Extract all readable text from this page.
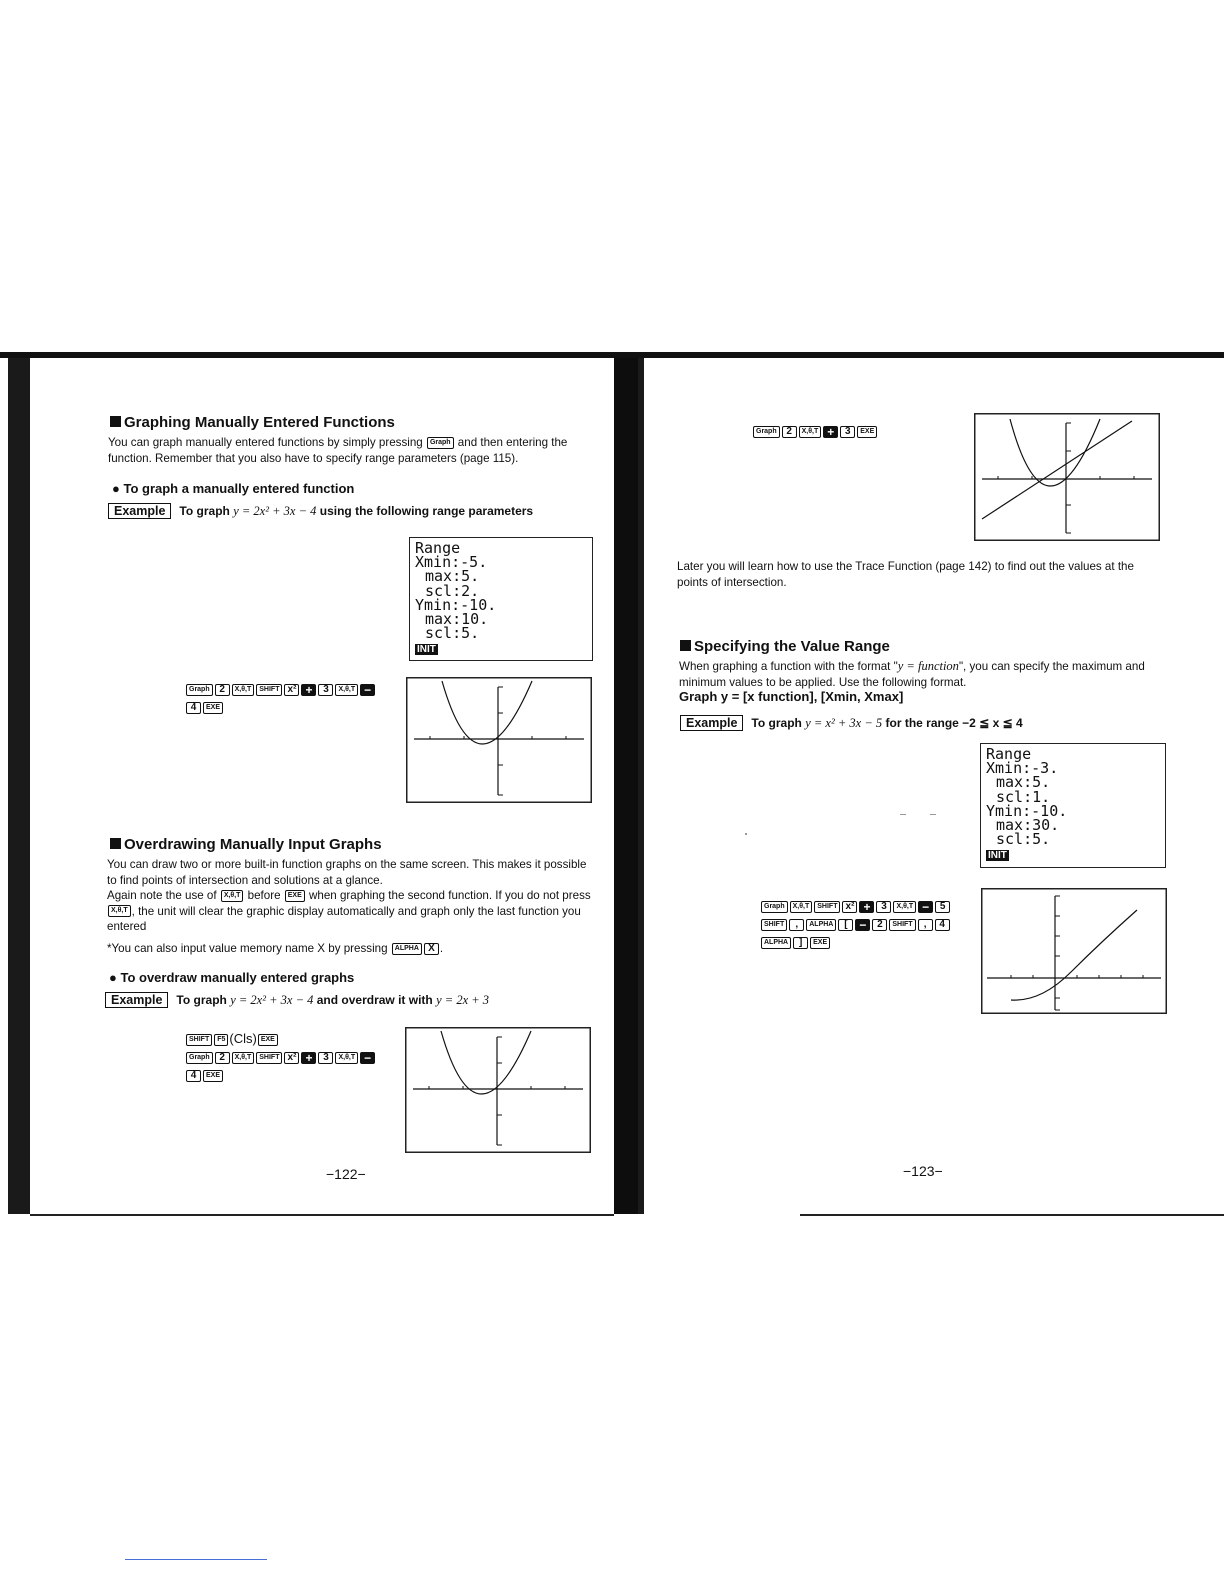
Graphing Manually Entered Functions

You can graph manually entered functions by simply pressing Graph and then entering the function. Remember that you also have to specify range parameters (page 115).

● To graph a manually entered function
Example To graph y = 2x² + 3x − 4 using the following range parameters
Range
Xmin:-5.
max:5.
scl:2.
Ymin:-10.
max:10.
scl:5.
INIT
Graph 2 X,θ,T SHIFT x² + 3 X,θ,T −
4 EXE
Overdrawing Manually Input Graphs

You can draw two or more built-in function graphs on the same screen. This makes it possible to find points of intersection and solutions at a glance.

Again note the use of X,θ,T before EXE when graphing the second function. If you do not press X,θ,T , the unit will clear the graphic display automatically and graph only the last function you entered

*You can also input value memory name X by pressing ALPHA X .

● To overdraw manually entered graphs
Example To graph y = 2x² + 3x − 4 and overdraw it with y = 2x + 3
SHIFT F5 (Cls) EXE
Graph 2 X,θ,T SHIFT x² + 3 X,θ,T −
4 EXE
−122−
Graph 2 X,θ,T + 3 EXE

Later you will learn how to use the Trace Function (page 142) to find out the values at the points of intersection.

Specifying the Value Range

When graphing a function with the format "y = function", you can specify the maximum and minimum values to be applied. Use the following format.

Graph y = [x function], [Xmin, Xmax]
Example To graph y = x² + 3x − 5 for the range −2 ≦ x ≦ 4
Range
Xmin:-3.
max:5.
scl:1.
Ymin:-10.
max:30.
scl:5.
INIT
Graph X,θ,T SHIFT x² + 3 X,θ,T − 5
SHIFT , ALPHA [ − 2 SHIFT , 4
ALPHA ] EXE
−123−
